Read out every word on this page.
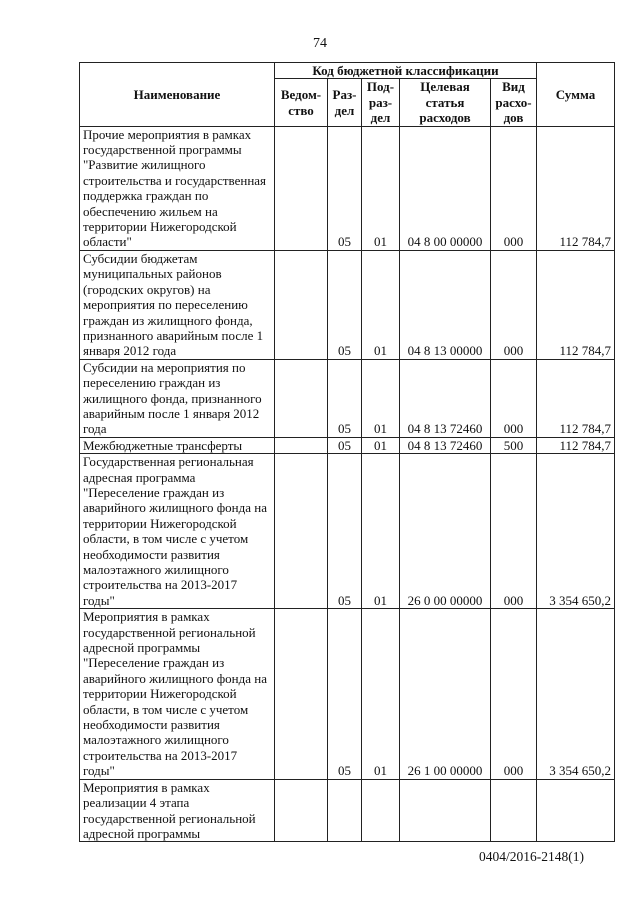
74
Наименование	Код бюджетной классификации					Сумма
	Ведом-ство	Раз-дел	Под-раз-дел	Целевая статья расходов	Вид расхо-дов	
Прочие мероприятия в рамках государственной программы "Развитие жилищного строительства и государственная поддержка граждан по обеспечению жильем на территории Нижегородской области"		05	01	04 8 00 00000	000	112 784,7
Субсидии бюджетам муниципальных районов (городских округов) на мероприятия по переселению граждан из жилищного фонда, признанного аварийным после 1 января 2012 года		05	01	04 8 13 00000	000	112 784,7
Субсидии на мероприятия по переселению граждан из жилищного фонда, признанного аварийным после 1 января 2012 года		05	01	04 8 13 72460	000	112 784,7
Межбюджетные трансферты		05	01	04 8 13 72460	500	112 784,7
Государственная региональная адресная программа "Переселение граждан из аварийного жилищного фонда на территории Нижегородской области, в том числе с учетом необходимости развития малоэтажного жилищного строительства на 2013-2017 годы"		05	01	26 0 00 00000	000	3 354 650,2
Мероприятия в рамках государственной региональной адресной программы "Переселение граждан из аварийного жилищного фонда на территории Нижегородской области, в том числе с учетом необходимости развития малоэтажного жилищного строительства на 2013-2017 годы"		05	01	26 1 00 00000	000	3 354 650,2
Мероприятия в рамках реализации 4 этапа государственной региональной адресной программы						
0404/2016-2148(1)
